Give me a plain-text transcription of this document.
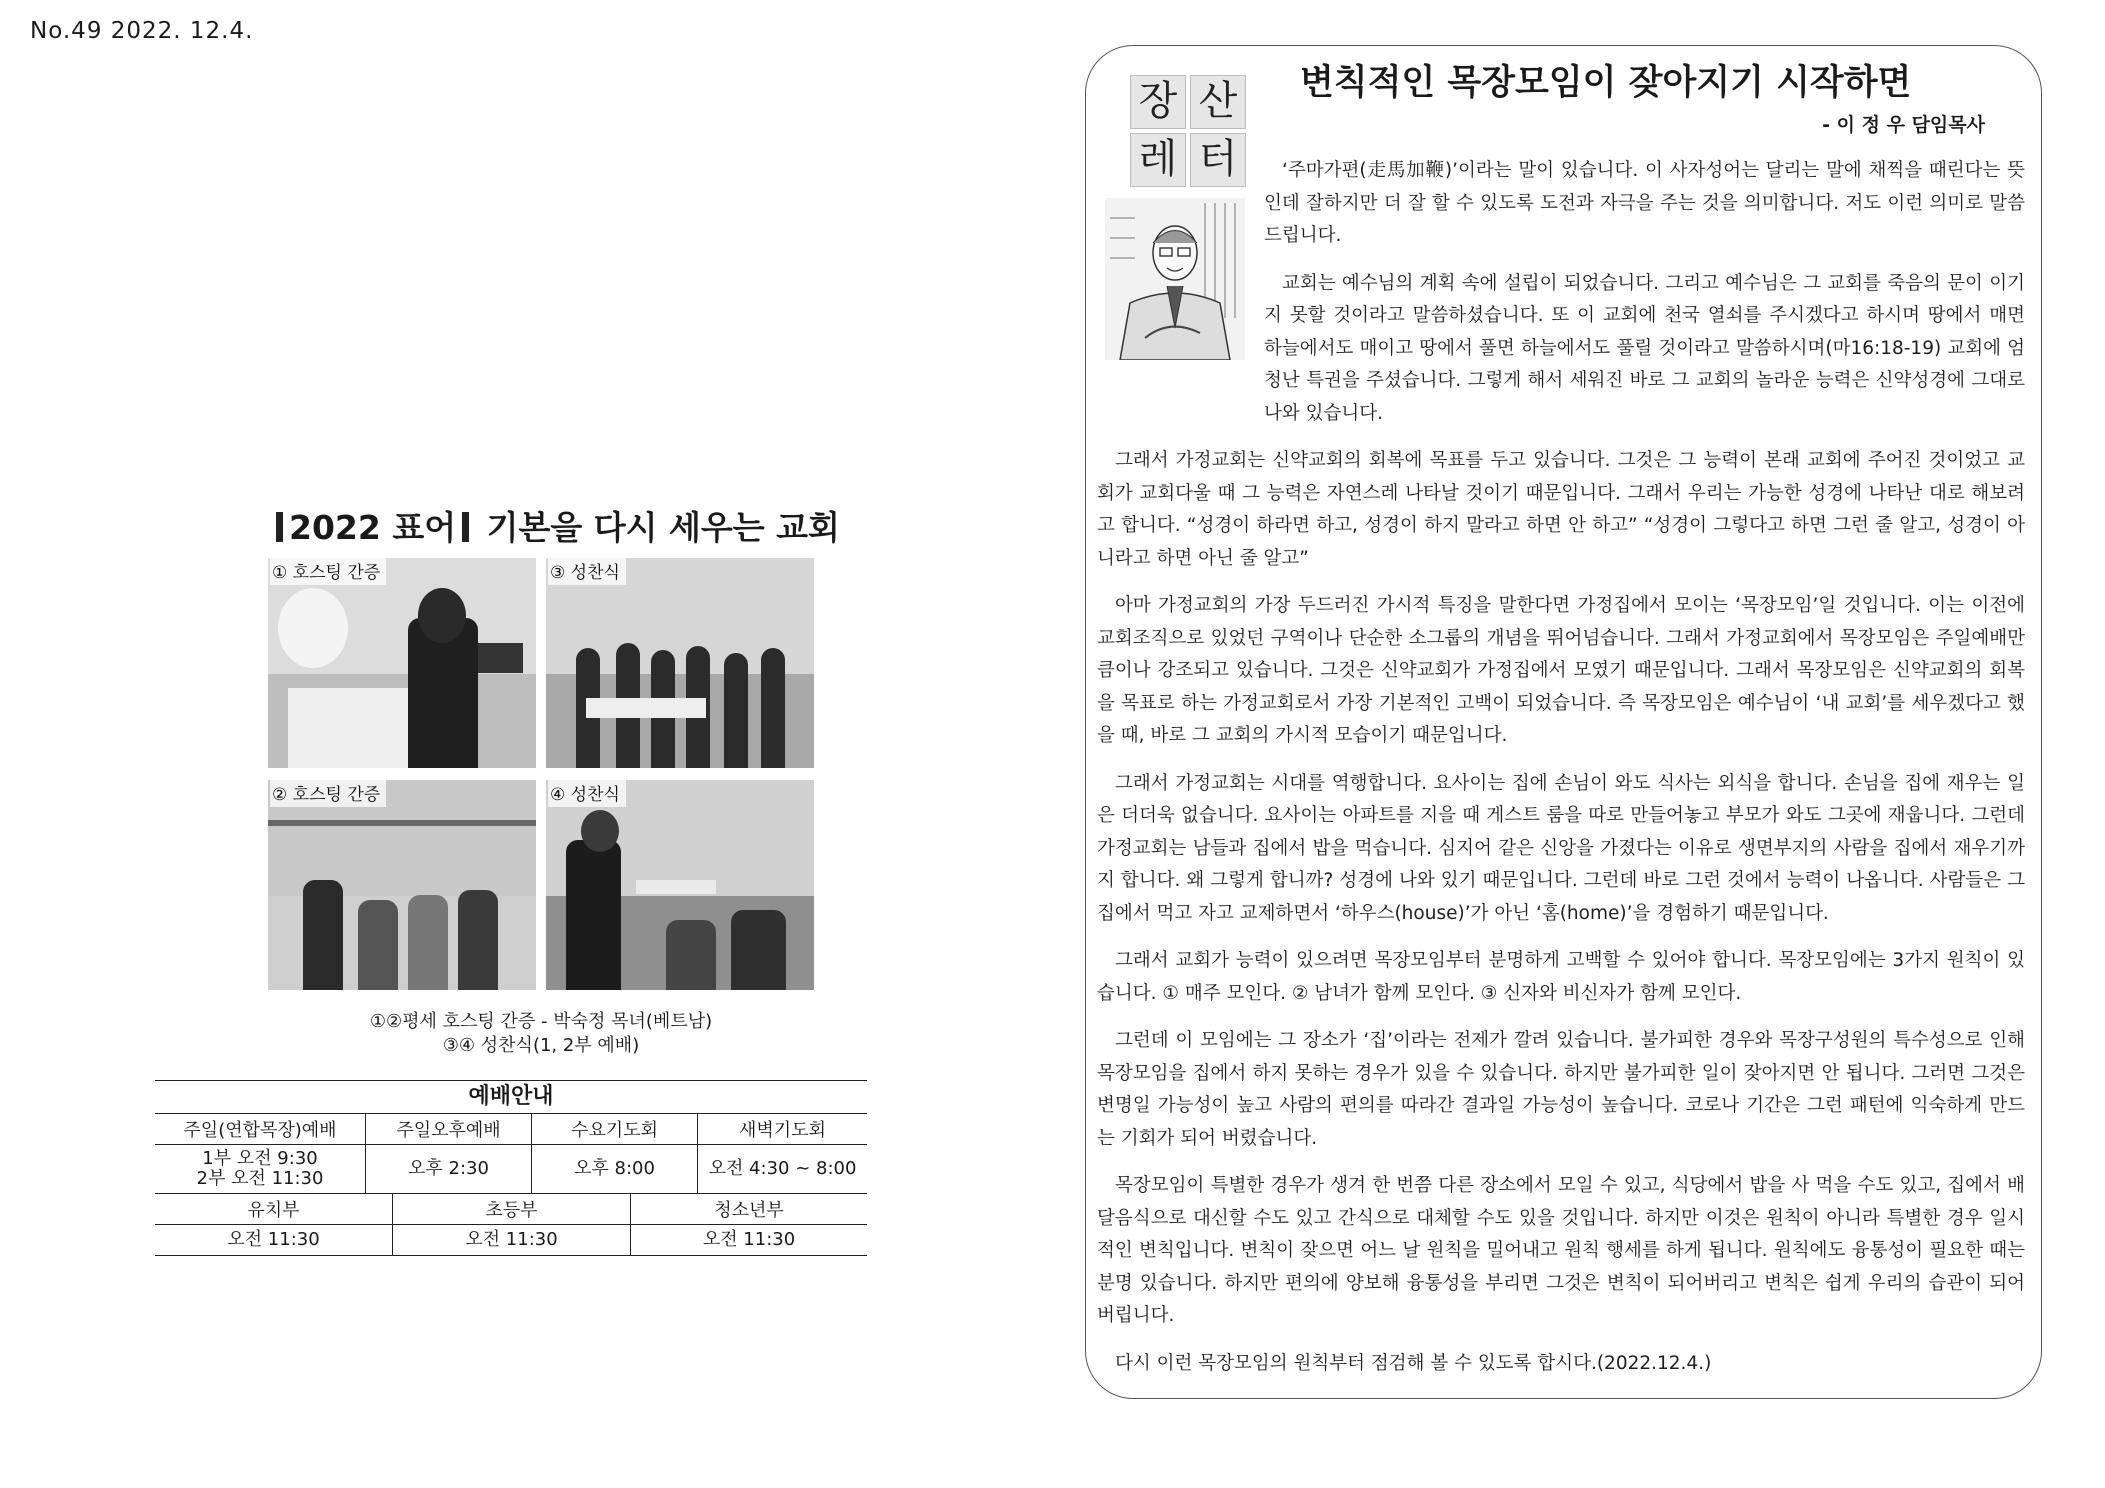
No.49 2022. 12.4.
2022 표어 기본을 다시 세우는 교회
① 호스팅 간증	③ 성찬식
② 호스팅 간증	④ 성찬식
①②평세 호스팅 간증 - 박숙정 목녀(베트남)
③④ 성찬식(1, 2부 예배)
예배안내
주일(연합목장)예배	주일오후예배	수요기도회	새벽기도회

1부 오전 9:30
2부 오전 11:30	오후 2:30	오후 8:00	오전 4:30 ~ 8:00
유치부	초등부	청소년부
오전 11:30	오전 11:30	오전 11:30
장 산
레 터
변칙적인 목장모임이 잦아지기 시작하면
- 이 정 우 담임목사

‘주마가편(走馬加鞭)’이라는 말이 있습니다. 이 사자성어는 달리는 말에 채찍을 때린다는 뜻인데 잘하지만 더 잘 할 수 있도록 도전과 자극을 주는 것을 의미합니다. 저도 이런 의미로 말씀드립니다.

교회는 예수님의 계획 속에 설립이 되었습니다. 그리고 예수님은 그 교회를 죽음의 문이 이기지 못할 것이라고 말씀하셨습니다. 또 이 교회에 천국 열쇠를 주시겠다고 하시며 땅에서 매면 하늘에서도 매이고 땅에서 풀면 하늘에서도 풀릴 것이라고 말씀하시며(마16:18-19) 교회에 엄청난 특권을 주셨습니다. 그렇게 해서 세워진 바로 그 교회의 놀라운 능력은 신약성경에 그대로 나와 있습니다.

그래서 가정교회는 신약교회의 회복에 목표를 두고 있습니다. 그것은 그 능력이 본래 교회에 주어진 것이었고 교회가 교회다울 때 그 능력은 자연스레 나타날 것이기 때문입니다. 그래서 우리는 가능한 성경에 나타난 대로 해보려고 합니다. “성경이 하라면 하고, 성경이 하지 말라고 하면 안 하고” “성경이 그렇다고 하면 그런 줄 알고, 성경이 아니라고 하면 아닌 줄 알고”

아마 가정교회의 가장 두드러진 가시적 특징을 말한다면 가정집에서 모이는 ‘목장모임’일 것입니다. 이는 이전에 교회조직으로 있었던 구역이나 단순한 소그룹의 개념을 뛰어넘습니다. 그래서 가정교회에서 목장모임은 주일예배만큼이나 강조되고 있습니다. 그것은 신약교회가 가정집에서 모였기 때문입니다. 그래서 목장모임은 신약교회의 회복을 목표로 하는 가정교회로서 가장 기본적인 고백이 되었습니다. 즉 목장모임은 예수님이 ‘내 교회’를 세우겠다고 했을 때, 바로 그 교회의 가시적 모습이기 때문입니다.

그래서 가정교회는 시대를 역행합니다. 요사이는 집에 손님이 와도 식사는 외식을 합니다. 손님을 집에 재우는 일은 더더욱 없습니다. 요사이는 아파트를 지을 때 게스트 룸을 따로 만들어놓고 부모가 와도 그곳에 재웁니다. 그런데 가정교회는 남들과 집에서 밥을 먹습니다. 심지어 같은 신앙을 가졌다는 이유로 생면부지의 사람을 집에서 재우기까지 합니다. 왜 그렇게 합니까? 성경에 나와 있기 때문입니다. 그런데 바로 그런 것에서 능력이 나옵니다. 사람들은 그 집에서 먹고 자고 교제하면서 ‘하우스(house)’가 아닌 ‘홈(home)’을 경험하기 때문입니다.

그래서 교회가 능력이 있으려면 목장모임부터 분명하게 고백할 수 있어야 합니다. 목장모임에는 3가지 원칙이 있습니다. ① 매주 모인다. ② 남녀가 함께 모인다. ③ 신자와 비신자가 함께 모인다.

그런데 이 모임에는 그 장소가 ‘집’이라는 전제가 깔려 있습니다. 불가피한 경우와 목장구성원의 특수성으로 인해 목장모임을 집에서 하지 못하는 경우가 있을 수 있습니다. 하지만 불가피한 일이 잦아지면 안 됩니다. 그러면 그것은 변명일 가능성이 높고 사람의 편의를 따라간 결과일 가능성이 높습니다. 코로나 기간은 그런 패턴에 익숙하게 만드는 기회가 되어 버렸습니다.

목장모임이 특별한 경우가 생겨 한 번쯤 다른 장소에서 모일 수 있고, 식당에서 밥을 사 먹을 수도 있고, 집에서 배달음식으로 대신할 수도 있고 간식으로 대체할 수도 있을 것입니다. 하지만 이것은 원칙이 아니라 특별한 경우 일시적인 변칙입니다. 변칙이 잦으면 어느 날 원칙을 밀어내고 원칙 행세를 하게 됩니다. 원칙에도 융통성이 필요한 때는 분명 있습니다. 하지만 편의에 양보해 융통성을 부리면 그것은 변칙이 되어버리고 변칙은 쉽게 우리의 습관이 되어버립니다.

다시 이런 목장모임의 원칙부터 점검해 볼 수 있도록 합시다.(2022.12.4.)
